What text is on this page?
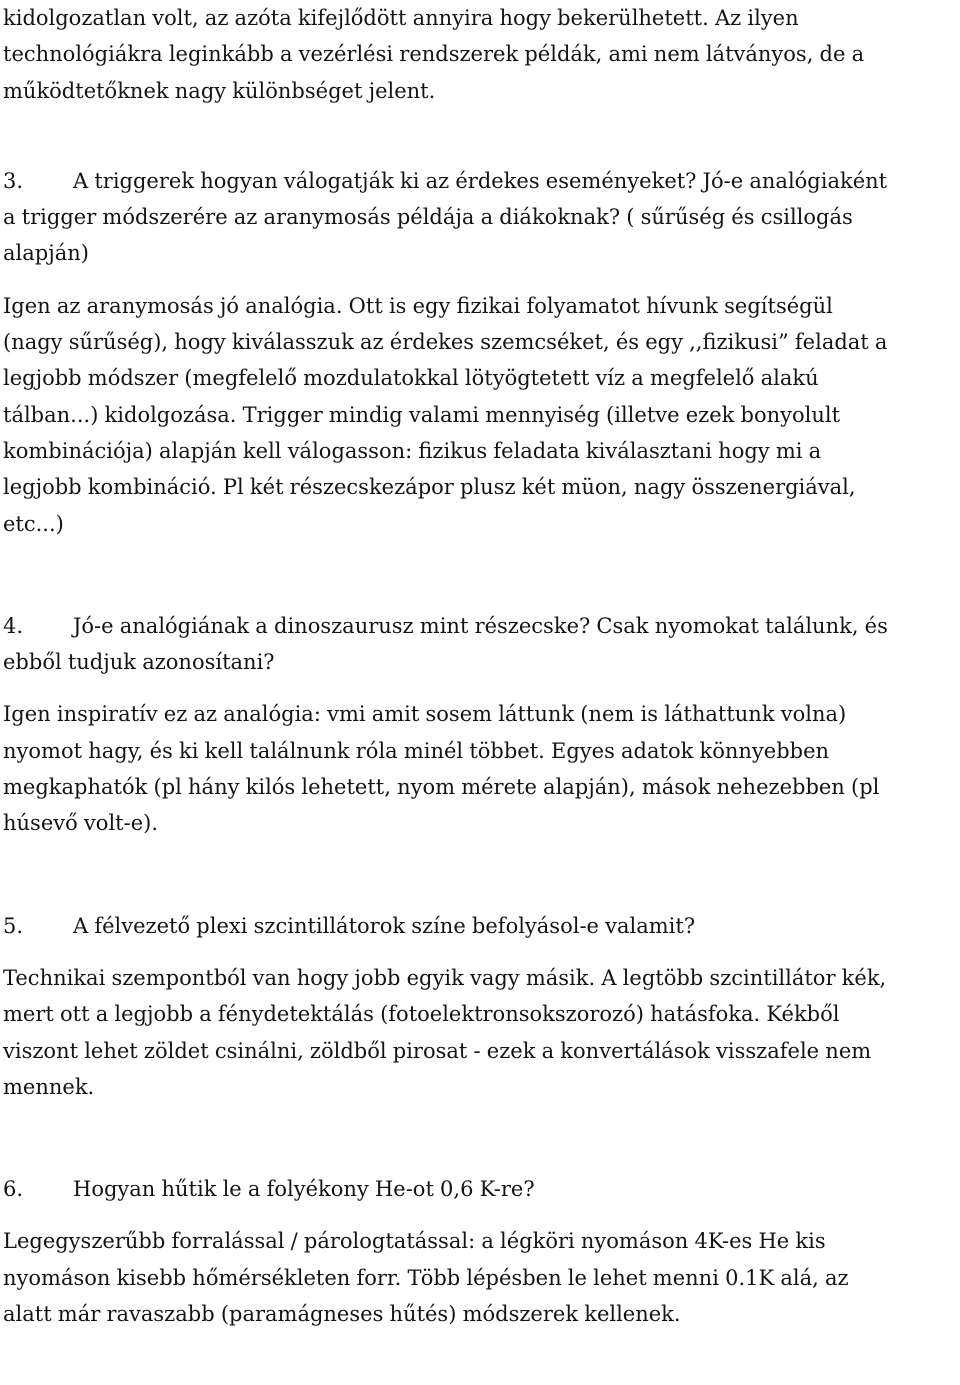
kidolgozatlan volt, az azóta kifejlődött annyira hogy bekerülhetett. Az ilyen
technológiákra leginkább a vezérlési rendszerek példák, ami nem látványos, de a
működtetőknek nagy különbséget jelent.
3. A triggerek hogyan válogatják ki az érdekes eseményeket? Jó-e analógiaként
a trigger módszerére az aranymosás példája a diákoknak? ( sűrűség és csillogás
alapján)
Igen az aranymosás jó analógia. Ott is egy fizikai folyamatot hívunk segítségül
(nagy sűrűség), hogy kiválasszuk az érdekes szemcséket, és egy ,,fizikusi” feladat a
legjobb módszer (megfelelő mozdulatokkal lötyögtetett víz a megfelelő alakú
tálban...) kidolgozása. Trigger mindig valami mennyiség (illetve ezek bonyolult
kombinációja) alapján kell válogasson: fizikus feladata kiválasztani hogy mi a
legjobb kombináció. Pl két részecskezápor plusz két müon, nagy összenergiával,
etc...)
4. Jó-e analógiának a dinoszaurusz mint részecske? Csak nyomokat találunk, és
ebből tudjuk azonosítani?
Igen inspiratív ez az analógia: vmi amit sosem láttunk (nem is láthattunk volna)
nyomot hagy, és ki kell találnunk róla minél többet. Egyes adatok könnyebben
megkaphatók (pl hány kilós lehetett, nyom mérete alapján), mások nehezebben (pl
húsevő volt-e).
5. A félvezető plexi szcintillátorok színe befolyásol-e valamit?
Technikai szempontból van hogy jobb egyik vagy másik. A legtöbb szcintillátor kék,
mert ott a legjobb a fénydetektálás (fotoelektronsokszorozó) hatásfoka. Kékből
viszont lehet zöldet csinálni, zöldből pirosat - ezek a konvertálások visszafele nem
mennek.
6. Hogyan hűtik le a folyékony He-ot 0,6 K-re?
Legegyszerűbb forralással / párologtatással: a légköri nyomáson 4K-es He kis
nyomáson kisebb hőmérsékleten forr. Több lépésben le lehet menni 0.1K alá, az
alatt már ravaszabb (paramágneses hűtés) módszerek kellenek.
